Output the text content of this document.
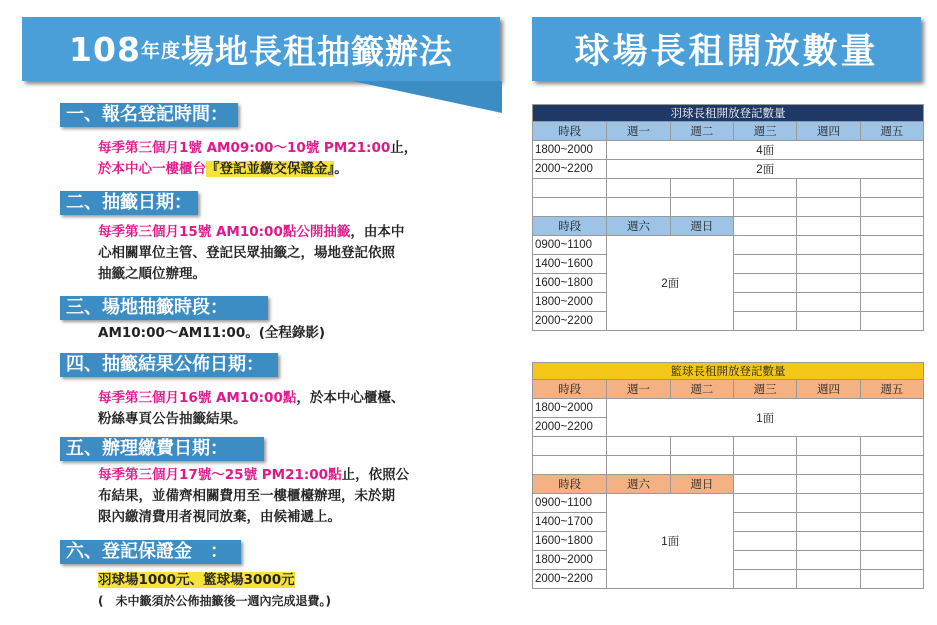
108 年度 場地長租抽籤辦法	球場長租開放數量
一、報名登記時間：
每季第三個月1號 AM09:00～10號 PM21:00止，
於本中心一樓櫃台『登記並繳交保證金』。
二、抽籤日期：
每季第三個月15號 AM10:00點公開抽籤，由本中
心相關單位主管、登記民眾抽籤之，場地登記依照
抽籤之順位辦理。
三、場地抽籤時段：
AM10:00～AM11:00。(全程錄影)
四、抽籤結果公佈日期：
每季第三個月16號 AM10:00點，於本中心櫃檯、
粉絲專頁公告抽籤結果。
五、辦理繳費日期：
每季第三個月17號～25號 PM21:00點止，依照公
布結果，並備齊相關費用至一樓櫃檯辦理，未於期
限內繳清費用者視同放棄，由候補遞上。
六、登記保證金　：
羽球場1000元、籃球場3000元
(　未中籤須於公佈抽籤後一週內完成退費。)
羽球長租開放登記數量					
時段	週一	週二	週三	週四	週五
1800~2000	4面				
2000~2200	2面				

時段	週六	週日			
0900~1100	2面				
1400~1600					
1600~1800					
1800~2000					
2000~2200					
籃球長租開放登記數量					
時段	週一	週二	週三	週四	週五
1800~2000	1面				
2000~2200					

時段	週六	週日			
0900~1100	1面				
1400~1700					
1600~1800					
1800~2000					
2000~2200					
